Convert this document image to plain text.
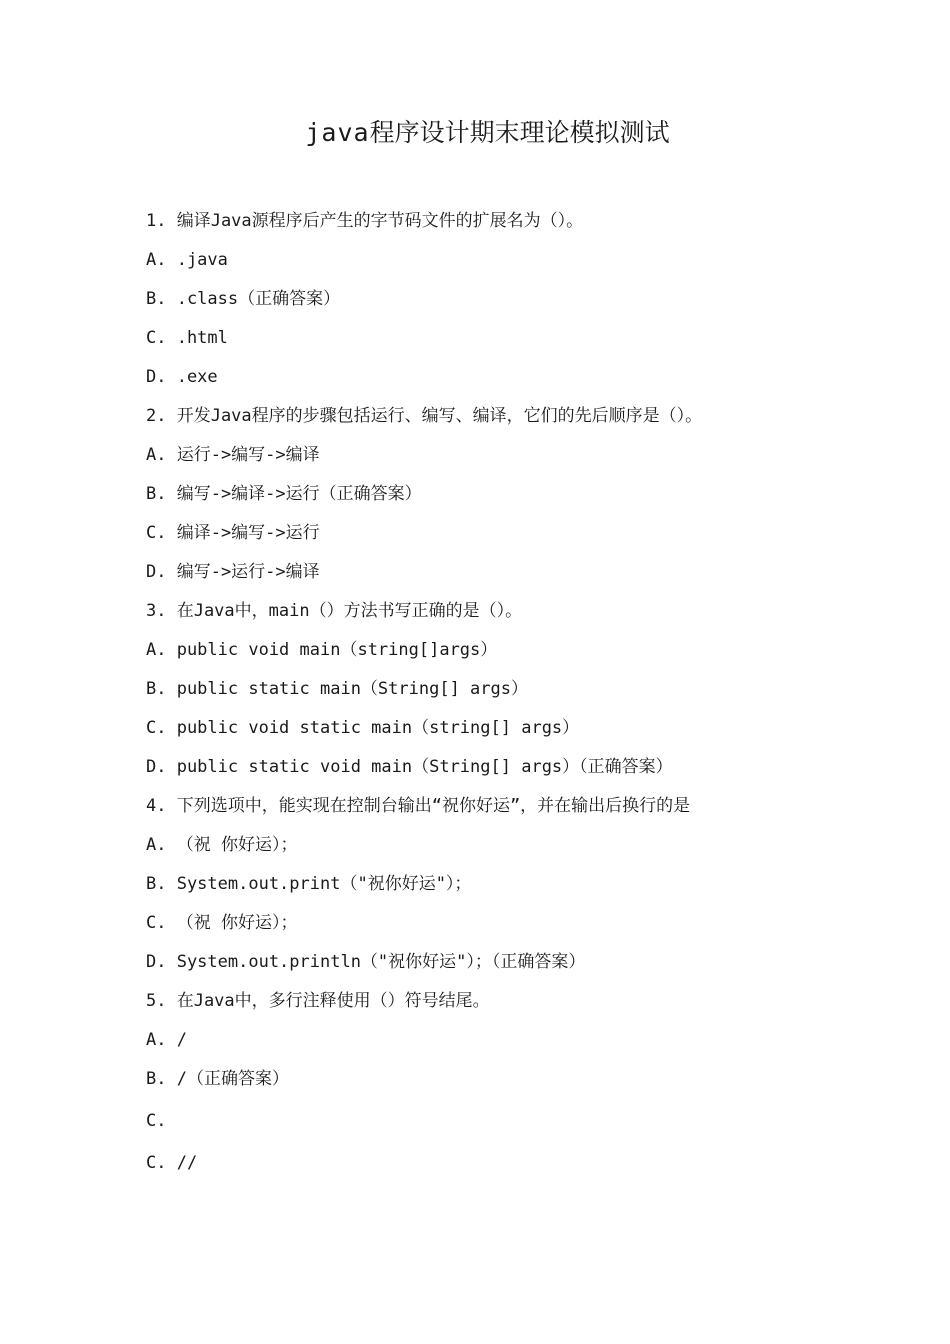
java程序设计期末理论模拟测试
1. 编译Java源程序后产生的字节码文件的扩展名为（）。
A. .java
B. .class（正确答案）
C. .html
D. .exe
2. 开发Java程序的步骤包括运行、编写、编译，它们的先后顺序是（）。
A. 运行->编写->编译
B. 编写->编译->运行（正确答案）
C. 编译->编写->运行
D. 编写->运行->编译
3. 在Java中，main（）方法书写正确的是（）。
A. public void main（string[]args）
B. public static main（String[] args）
C. public void static main（string[] args）
D. public static void main（String[] args）（正确答案）
4. 下列选项中，能实现在控制台输出“祝你好运”，并在输出后换行的是
A. （祝 你好运）；
B. System.out.print（"祝你好运"）；
C. （祝 你好运）；
D. System.out.println（"祝你好运"）；（正确答案）
5. 在Java中，多行注释使用（）符号结尾。
A. /
B. /（正确答案）
C.
C. //
